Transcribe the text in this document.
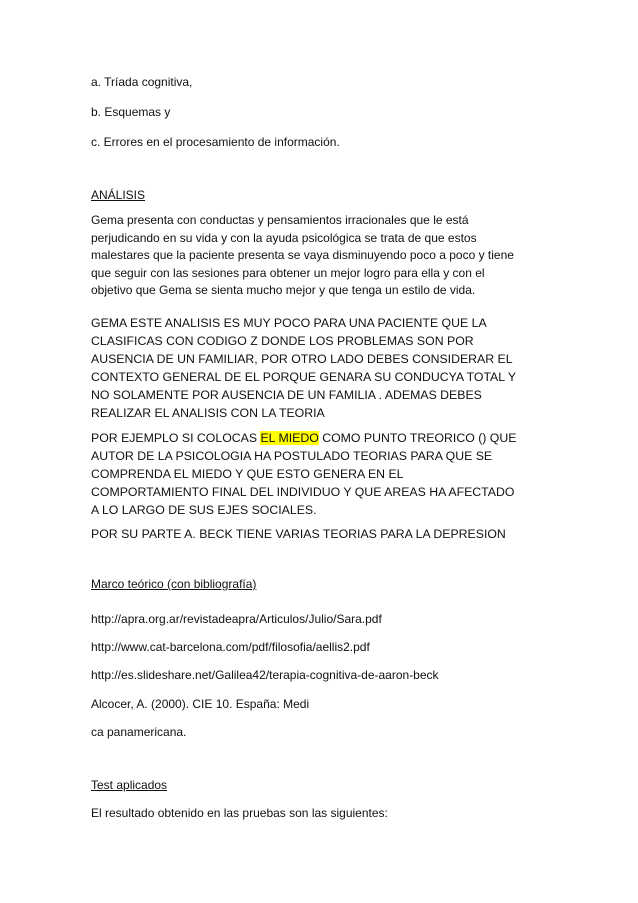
a. Tríada cognitiva,
b. Esquemas y
c. Errores en el procesamiento de información.
ANÁLISIS
Gema presenta con conductas y pensamientos irracionales que le está
perjudicando en su vida y con la ayuda psicológica se trata de que estos
malestares que la paciente presenta se vaya disminuyendo poco a poco y tiene
que seguir con las sesiones para obtener un mejor logro para ella y con el
objetivo que Gema se sienta mucho mejor y que tenga un estilo de vida.
GEMA ESTE ANALISIS ES MUY POCO PARA UNA PACIENTE QUE LA
CLASIFICAS CON CODIGO Z DONDE LOS PROBLEMAS SON POR
AUSENCIA DE UN FAMILIAR, POR OTRO LADO DEBES CONSIDERAR EL
CONTEXTO GENERAL DE EL PORQUE GENARA SU CONDUCYA TOTAL Y
NO SOLAMENTE POR AUSENCIA DE UN FAMILIA . ADEMAS DEBES
REALIZAR EL ANALISIS CON LA TEORIA
POR EJEMPLO SI COLOCAS EL MIEDO COMO PUNTO TREORICO () QUE
AUTOR DE LA PSICOLOGIA HA POSTULADO TEORIAS PARA QUE SE
COMPRENDA EL MIEDO Y QUE ESTO GENERA EN EL
COMPORTAMIENTO FINAL DEL INDIVIDUO Y QUE AREAS HA AFECTADO
A LO LARGO DE SUS EJES SOCIALES.
POR SU PARTE A. BECK TIENE VARIAS TEORIAS PARA LA DEPRESION
Marco teórico (con bibliografía)
http://apra.org.ar/revistadeapra/Articulos/Julio/Sara.pdf
http://www.cat-barcelona.com/pdf/filosofia/aellis2.pdf
http://es.slideshare.net/Galilea42/terapia-cognitiva-de-aaron-beck
Alcocer, A. (2000). CIE 10. España: Medi
ca panamericana.
Test aplicados
El resultado obtenido en las pruebas son las siguientes:
